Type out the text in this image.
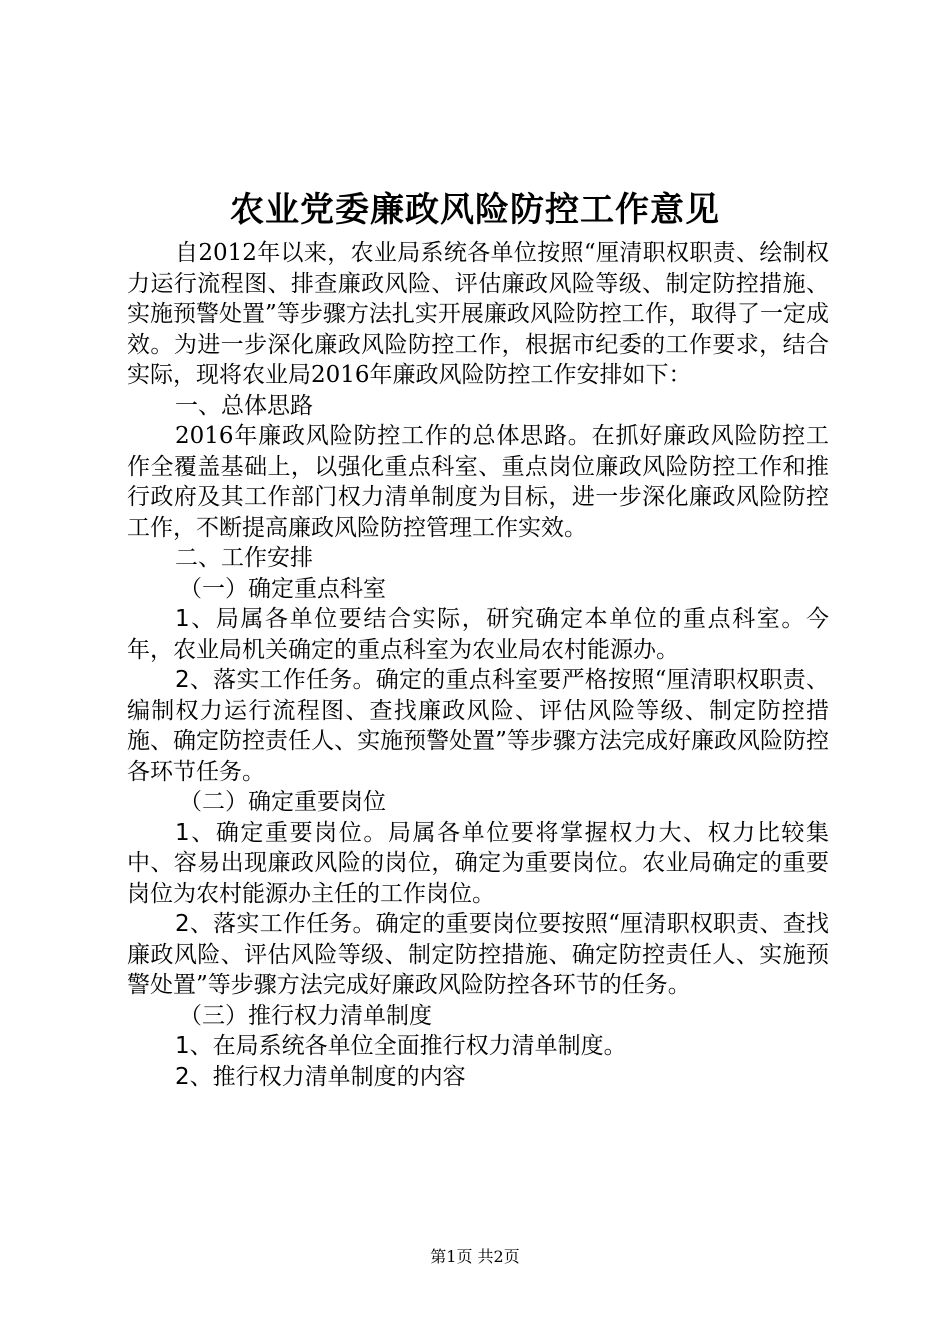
农业党委廉政风险防控工作意见

自2012年以来，农业局系统各单位按照“厘清职权职责、绘制权力运行流程图、排查廉政风险、评估廉政风险等级、制定防控措施、实施预警处置”等步骤方法扎实开展廉政风险防控工作，取得了一定成效。为进一步深化廉政风险防控工作，根据市纪委的工作要求，结合实际，现将农业局2016年廉政风险防控工作安排如下：

一、总体思路

2016年廉政风险防控工作的总体思路。在抓好廉政风险防控工作全覆盖基础上，以强化重点科室、重点岗位廉政风险防控工作和推行政府及其工作部门权力清单制度为目标，进一步深化廉政风险防控工作，不断提高廉政风险防控管理工作实效。

二、工作安排

（一）确定重点科室

1、局属各单位要结合实际，研究确定本单位的重点科室。今年，农业局机关确定的重点科室为农业局农村能源办。

2、落实工作任务。确定的重点科室要严格按照“厘清职权职责、编制权力运行流程图、查找廉政风险、评估风险等级、制定防控措施、确定防控责任人、实施预警处置”等步骤方法完成好廉政风险防控各环节任务。

（二）确定重要岗位

1、确定重要岗位。局属各单位要将掌握权力大、权力比较集中、容易出现廉政风险的岗位，确定为重要岗位。农业局确定的重要岗位为农村能源办主任的工作岗位。

2、落实工作任务。确定的重要岗位要按照“厘清职权职责、查找廉政风险、评估风险等级、制定防控措施、确定防控责任人、实施预警处置”等步骤方法完成好廉政风险防控各环节的任务。

（三）推行权力清单制度

1、在局系统各单位全面推行权力清单制度。

2、推行权力清单制度的内容

第1页 共2页
